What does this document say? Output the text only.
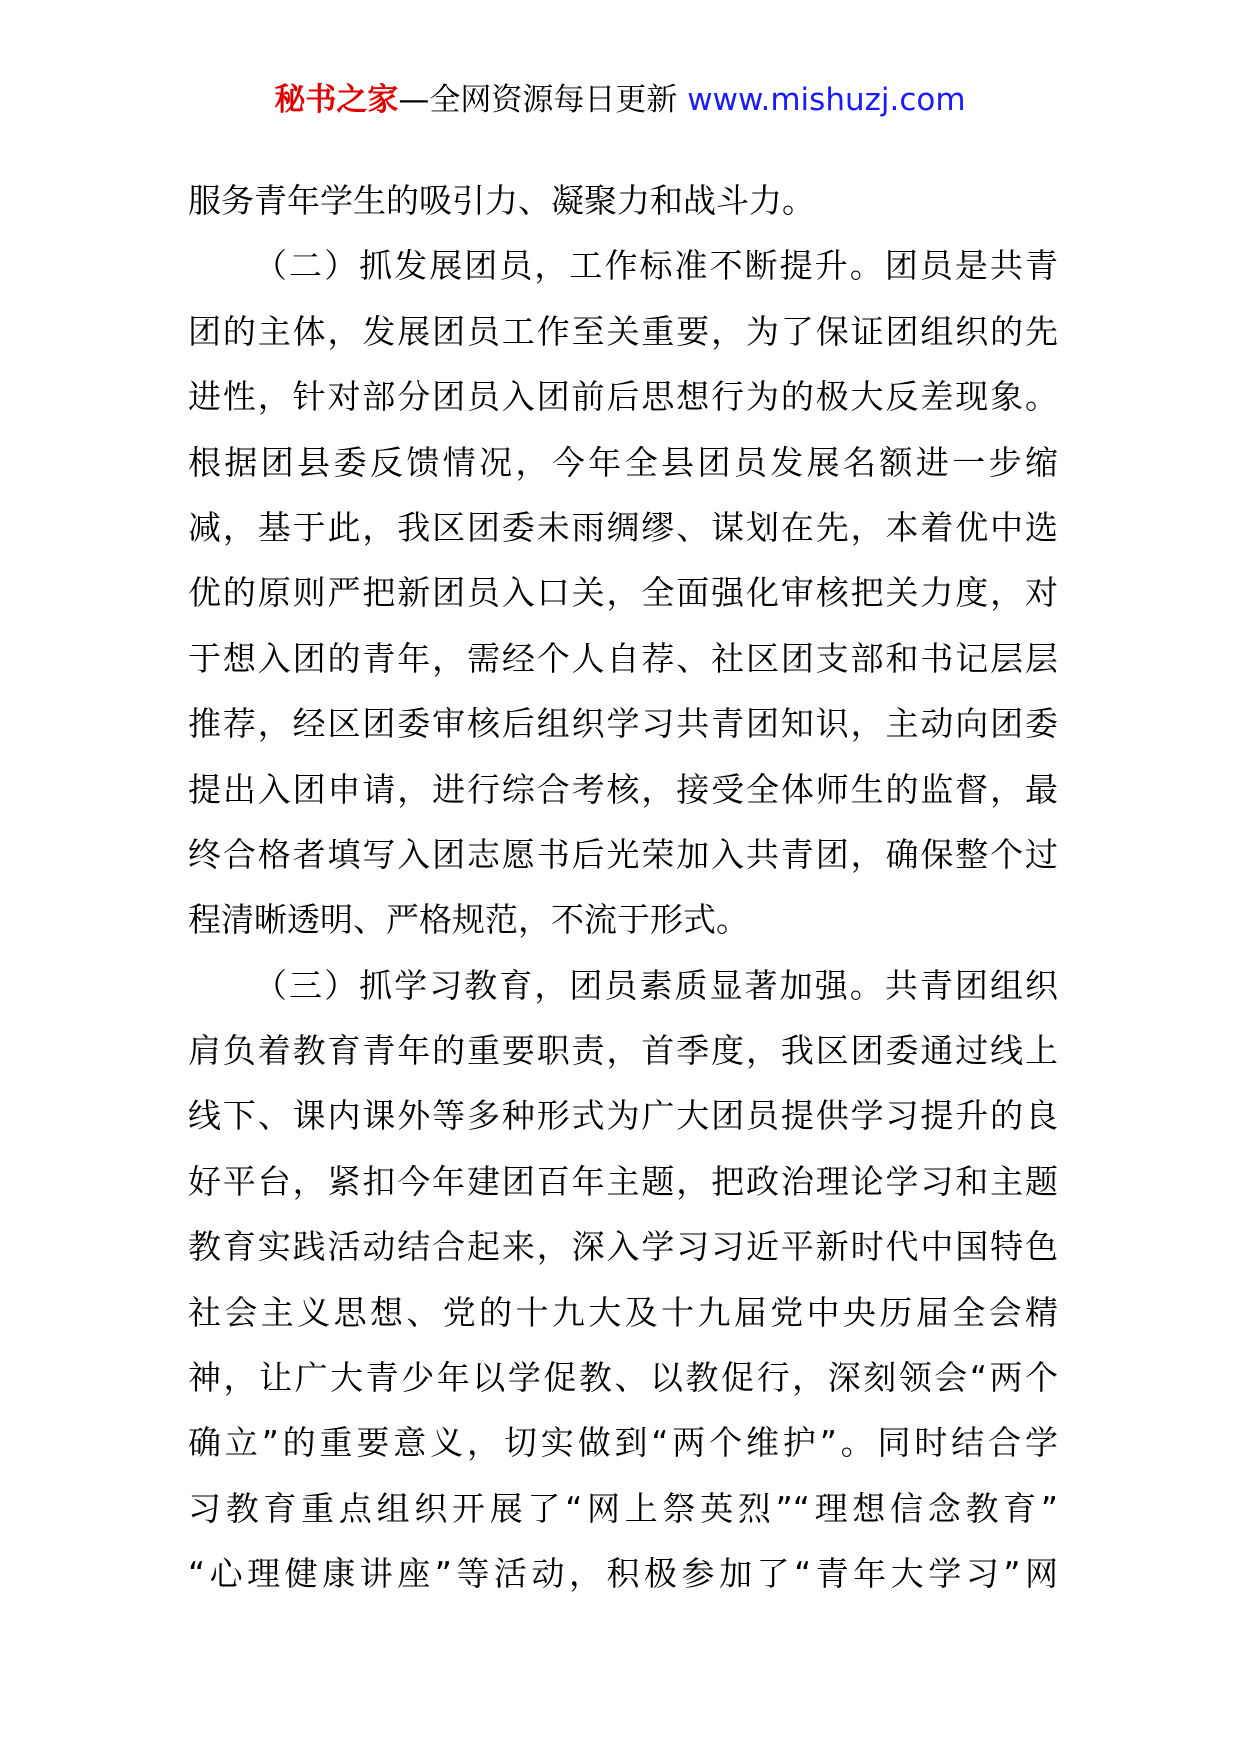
秘书之家—全网资源每日更新 www.mishuzj.com
服务青年学生的吸引力、凝聚力和战斗力。
（二）抓发展团员，工作标准不断提升。团员是共青
团的主体，发展团员工作至关重要，为了保证团组织的先
进性，针对部分团员入团前后思想行为的极大反差现象。
根据团县委反馈情况，今年全县团员发展名额进一步缩
减，基于此，我区团委未雨绸缪、谋划在先，本着优中选
优的原则严把新团员入口关，全面强化审核把关力度，对
于想入团的青年，需经个人自荐、社区团支部和书记层层
推荐，经区团委审核后组织学习共青团知识，主动向团委
提出入团申请，进行综合考核，接受全体师生的监督，最
终合格者填写入团志愿书后光荣加入共青团，确保整个过
程清晰透明、严格规范，不流于形式。
（三）抓学习教育，团员素质显著加强。共青团组织
肩负着教育青年的重要职责，首季度，我区团委通过线上
线下、课内课外等多种形式为广大团员提供学习提升的良
好平台，紧扣今年建团百年主题，把政治理论学习和主题
教育实践活动结合起来，深入学习习近平新时代中国特色
社会主义思想、党的十九大及十九届党中央历届全会精
神，让广大青少年以学促教、以教促行，深刻领会“两个
确立”的重要意义，切实做到“两个维护”。同时结合学
习教育重点组织开展了“网上祭英烈”“理想信念教育”
“心理健康讲座”等活动，积极参加了“青年大学习”网
